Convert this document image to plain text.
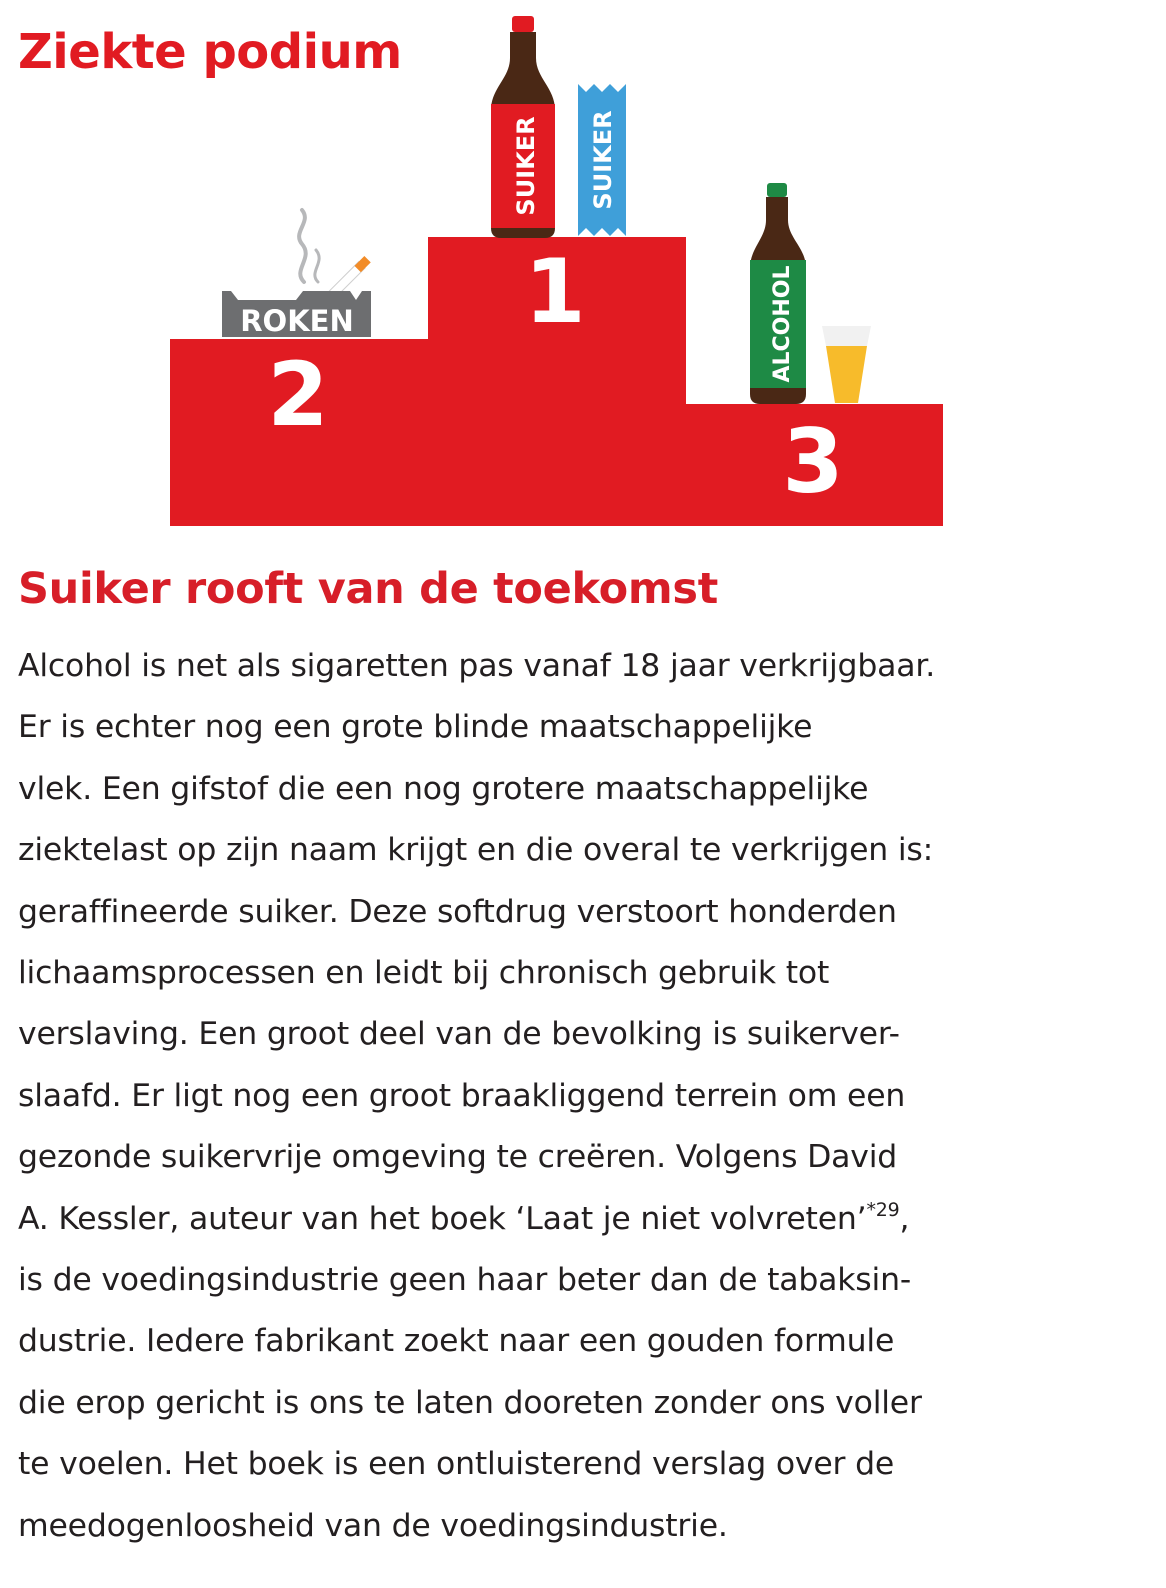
1
2
3
SUIKER SUIKER
ROKEN	ALCOHOL
Ziekte podium
Suiker rooft van de toekomst
Alcohol is net als sigaretten pas vanaf 18 jaar verkrijgbaar.
Er is echter nog een grote blinde maatschappelijke
vlek. Een gifstof die een nog grotere maatschappelijke
ziektelast op zijn naam krijgt en die overal te verkrijgen is:
geraffineerde suiker. Deze softdrug verstoort honderden
lichaamsprocessen en leidt bij chronisch gebruik tot
verslaving. Een groot deel van de bevolking is suikerver-
slaafd. Er ligt nog een groot braakliggend terrein om een
gezonde suikervrije omgeving te creëren. Volgens David
A. Kessler, auteur van het boek ‘Laat je niet volvreten’$^{*29}$,
is de voedingsindustrie geen haar beter dan de tabaksin-
dustrie. Iedere fabrikant zoekt naar een gouden formule
die erop gericht is ons te laten dooreten zonder ons voller
te voelen. Het boek is een ontluisterend verslag over de
meedogenloosheid van de voedingsindustrie.
